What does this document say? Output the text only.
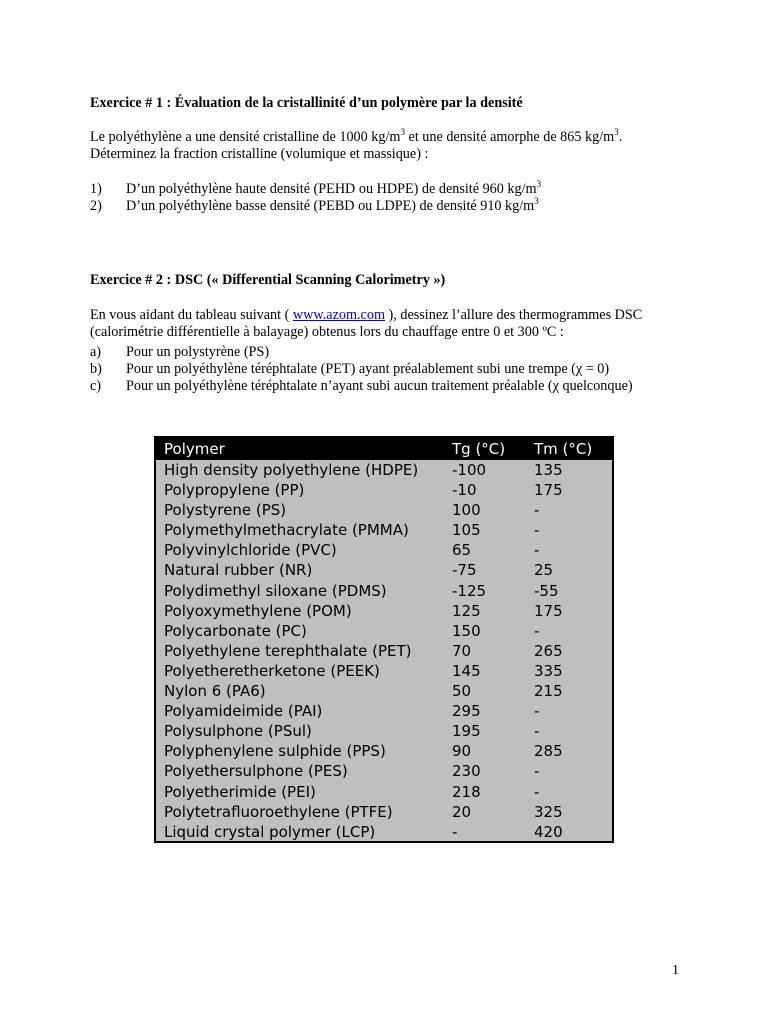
Exercice # 1 : Évaluation de la cristallinité d’un polymère par la densité
Le polyéthylène a une densité cristalline de 1000 $kg/m^3$ et une densité amorphe de 865 $kg/m^3$.
Déterminez la fraction cristalline (volumique et massique) :
1) D’un polyéthylène haute densité (PEHD ou HDPE) de densité 960 $kg/m^3$
2) D’un polyéthylène basse densité (PEBD ou LDPE) de densité 910 $kg/m^3$
Exercice # 2 : DSC (« Differential Scanning Calorimetry »)
En vous aidant du tableau suivant ( www.azom.com ), dessinez l’allure des thermogrammes DSC
(calorimétrie différentielle à balayage) obtenus lors du chauffage entre 0 et 300 ºC :
a) Pour un polystyrène (PS)
b) Pour un polyéthylène téréphtalate (PET) ayant préalablement subi une trempe (χ = 0)
c) Pour un polyéthylène téréphtalate n’ayant subi aucun traitement préalable (χ quelconque)
Polymer	Tg (°C) Tm (°C)
High density polyethylene (HDPE) -100	135
Polypropylene (PP)	-10	175
Polystyrene (PS)	100	-
Polymethylmethacrylate (PMMA)	105	-
Polyvinylchloride (PVC)	65	-
Natural rubber (NR)	-75	25
Polydimethyl siloxane (PDMS)	-125	-55
Polyoxymethylene (POM)	125	175
Polycarbonate (PC)	150	-
Polyethylene terephthalate (PET)	70	265
Polyetheretherketone (PEEK)	145	335
Nylon 6 (PA6)	50	215
Polyamideimide (PAI)	295	-
Polysulphone (PSul)	195	-
Polyphenylene sulphide (PPS)	90	285
Polyethersulphone (PES)	230	-
Polyetherimide (PEI)	218	-
Polytetrafluoroethylene (PTFE)	20	325
Liquid crystal polymer (LCP)	-	420
1
